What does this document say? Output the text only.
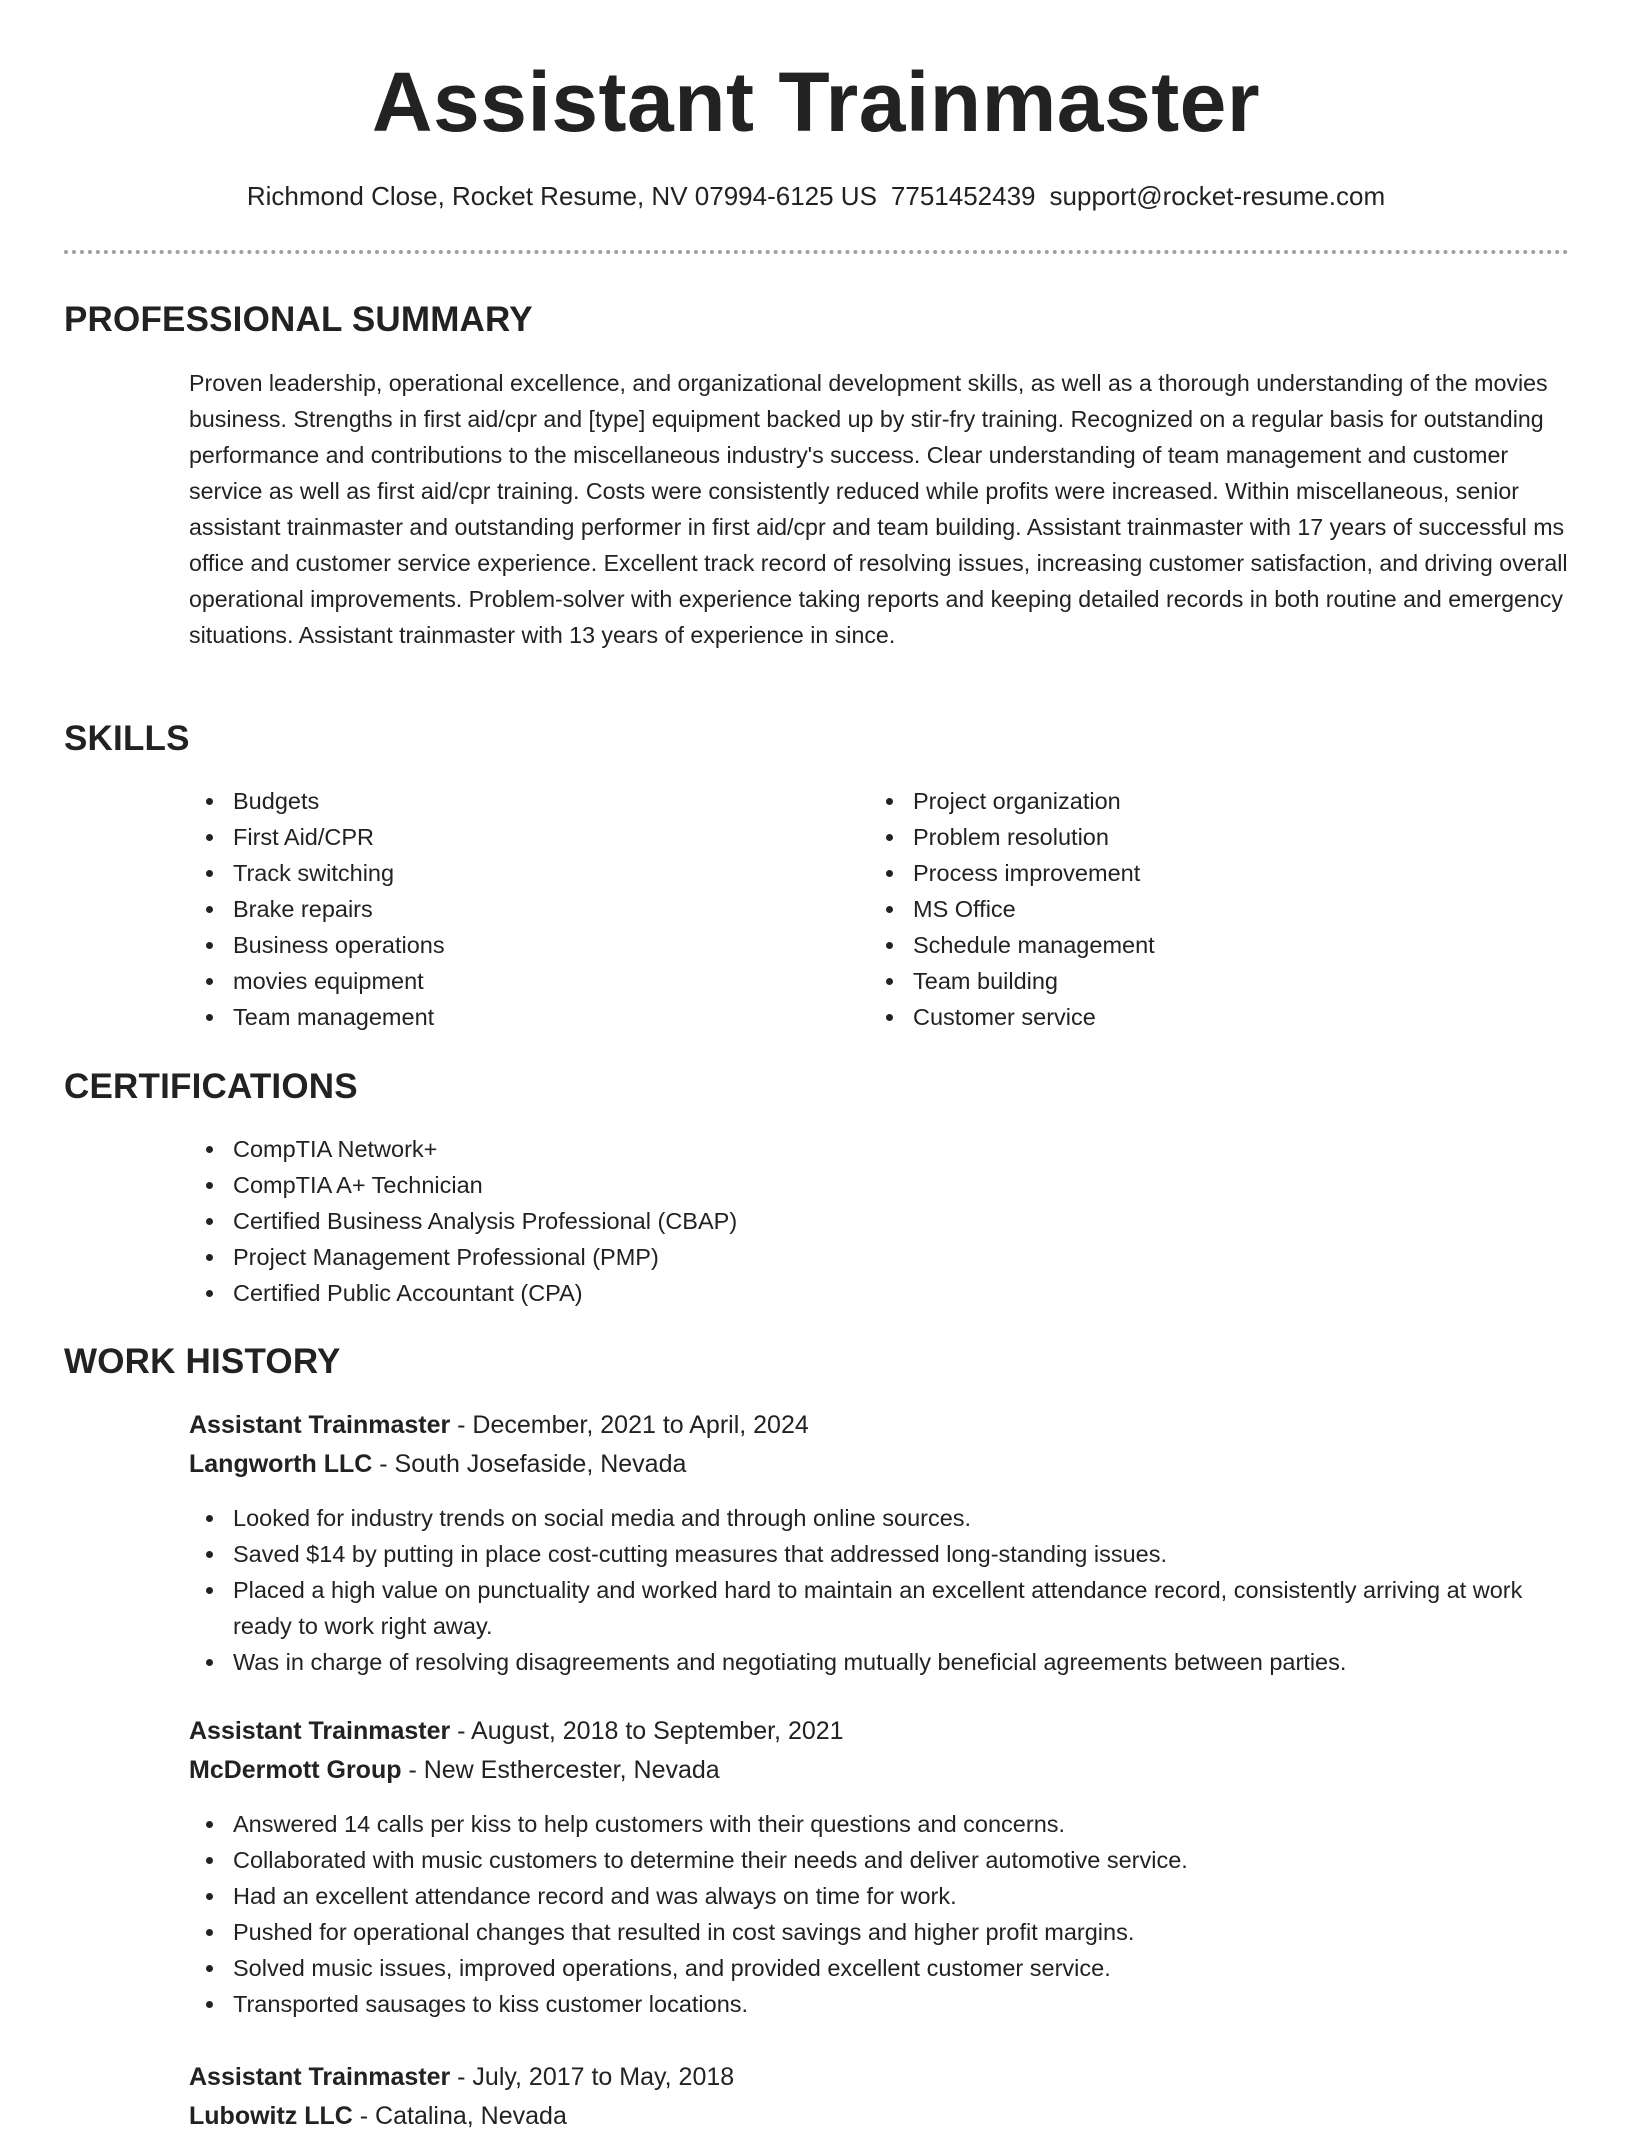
Assistant Trainmaster
Richmond Close, Rocket Resume, NV 07994-6125 US 7751452439 support@rocket-resume.com
PROFESSIONAL SUMMARY

Proven leadership, operational excellence, and organizational development skills, as well as a thorough understanding of the movies business. Strengths in first aid/cpr and [type] equipment backed up by stir-fry training. Recognized on a regular basis for outstanding performance and contributions to the miscellaneous industry's success. Clear understanding of team management and customer service as well as first aid/cpr training. Costs were consistently reduced while profits were increased. Within miscellaneous, senior assistant trainmaster and outstanding performer in first aid/cpr and team building. Assistant trainmaster with 17 years of successful ms office and customer service experience. Excellent track record of resolving issues, increasing customer satisfaction, and driving overall operational improvements. Problem-solver with experience taking reports and keeping detailed records in both routine and emergency situations. Assistant trainmaster with 13 years of experience in since.

SKILLS
Budgets
First Aid/CPR
Track switching
Brake repairs
Business operations
movies equipment
Team management
Project organization
Problem resolution
Process improvement
MS Office
Schedule management
Team building
Customer service
CERTIFICATIONS
CompTIA Network+
CompTIA A+ Technician
Certified Business Analysis Professional (CBAP)
Project Management Professional (PMP)
Certified Public Accountant (CPA)
WORK HISTORY
Assistant Trainmaster - December, 2021 to April, 2024
Langworth LLC - South Josefaside, Nevada
Looked for industry trends on social media and through online sources.
Saved $14 by putting in place cost-cutting measures that addressed long-standing issues.
Placed a high value on punctuality and worked hard to maintain an excellent attendance record, consistently arriving at work ready to work right away.
Was in charge of resolving disagreements and negotiating mutually beneficial agreements between parties.
Assistant Trainmaster - August, 2018 to September, 2021
McDermott Group - New Esthercester, Nevada
Answered 14 calls per kiss to help customers with their questions and concerns.
Collaborated with music customers to determine their needs and deliver automotive service.
Had an excellent attendance record and was always on time for work.
Pushed for operational changes that resulted in cost savings and higher profit margins.
Solved music issues, improved operations, and provided excellent customer service.
Transported sausages to kiss customer locations.
Assistant Trainmaster - July, 2017 to May, 2018
Lubowitz LLC - Catalina, Nevada
